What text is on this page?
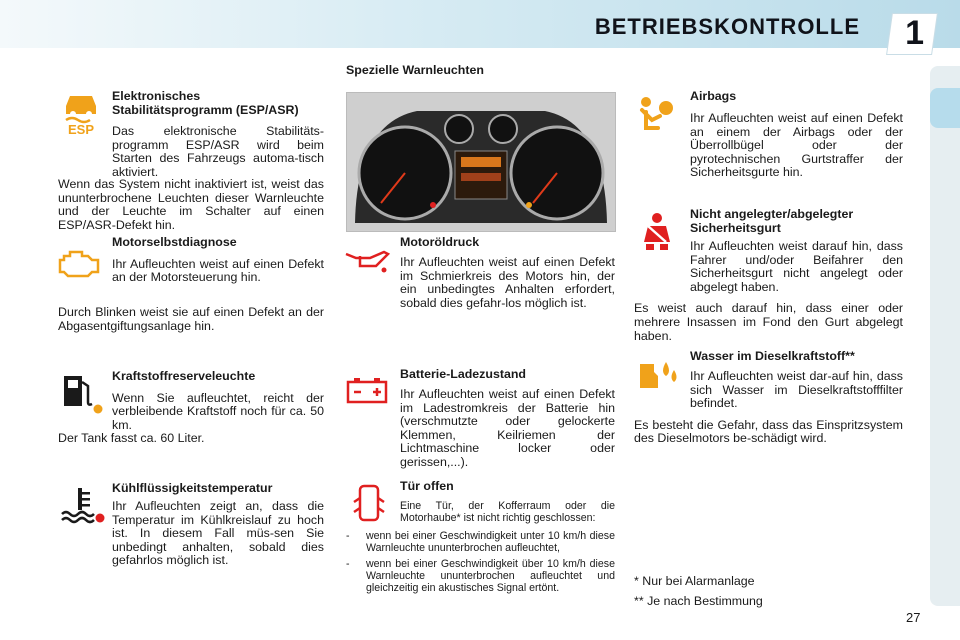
BETRIEBSKONTROLLE 1
ESP
Elektronisches Stabilitätsprogramm (ESP/ASR)

Das elektronische Stabilitäts-programm ESP/ASR wird beim Starten des Fahrzeugs automa-tisch aktiviert.

Wenn das System nicht inaktiviert ist, weist das ununterbrochene Leuchten dieser Warnleuchte und der Leuchte im Schalter auf einen ESP/ASR-Defekt hin.

Motorselbstdiagnose

Ihr Aufleuchten weist auf einen Defekt an der Motorsteuerung hin.

Durch Blinken weist sie auf einen Defekt an der Abgasentgiftungsanlage hin.

Kraftstoffreserveleuchte

Wenn Sie aufleuchtet, reicht der verbleibende Kraftstoff noch für ca. 50 km.

Der Tank fasst ca. 60 Liter.

Kühlflüssigkeitstemperatur

Ihr Aufleuchten zeigt an, dass die Temperatur im Kühlkreislauf zu hoch ist. In diesem Fall müs-sen Sie unbedingt anhalten, sobald dies gefahrlos möglich ist.

Spezielle Warnleuchten
Motoröldruck

Ihr Aufleuchten weist auf einen Defekt im Schmierkreis des Motors hin, der ein unbedingtes Anhalten erfordert, sobald dies gefahr-los möglich ist.

Batterie-Ladezustand

Ihr Aufleuchten weist auf einen Defekt im Ladestromkreis der Batterie hin (verschmutzte oder gelockerte Klemmen, Keilriemen der Lichtmaschine locker oder gerissen,...).

Tür offen

Eine Tür, der Kofferraum oder die Motorhaube* ist nicht richtig geschlossen:

- wenn bei einer Geschwindigkeit unter 10 km/h diese Warnleuchte ununterbrochen aufleuchtet,
- wenn bei einer Geschwindigkeit über 10 km/h diese Warnleuchte ununterbrochen aufleuchtet und gleichzeitig ein akustisches Signal ertönt.
Airbags

Ihr Aufleuchten weist auf einen Defekt an einem der Airbags oder der Überrollbügel oder der pyrotechnischen Gurtstraffer der Sicherheitsgurte hin.

Nicht angelegter/abgelegter Sicherheitsgurt

Ihr Aufleuchten weist darauf hin, dass Fahrer und/oder Beifahrer den Sicherheitsgurt nicht angelegt oder abgelegt haben.

Es weist auch darauf hin, dass einer oder mehrere Insassen im Fond den Gurt abgelegt haben.

Wasser im Dieselkraftstoff**

Ihr Aufleuchten weist dar-auf hin, dass sich Wasser im Dieselkraftstofffilter befindet.

Es besteht die Gefahr, dass das Einspritzsystem des Dieselmotors be-schädigt wird.

* Nur bei Alarmanlage
** Je nach Bestimmung
27
